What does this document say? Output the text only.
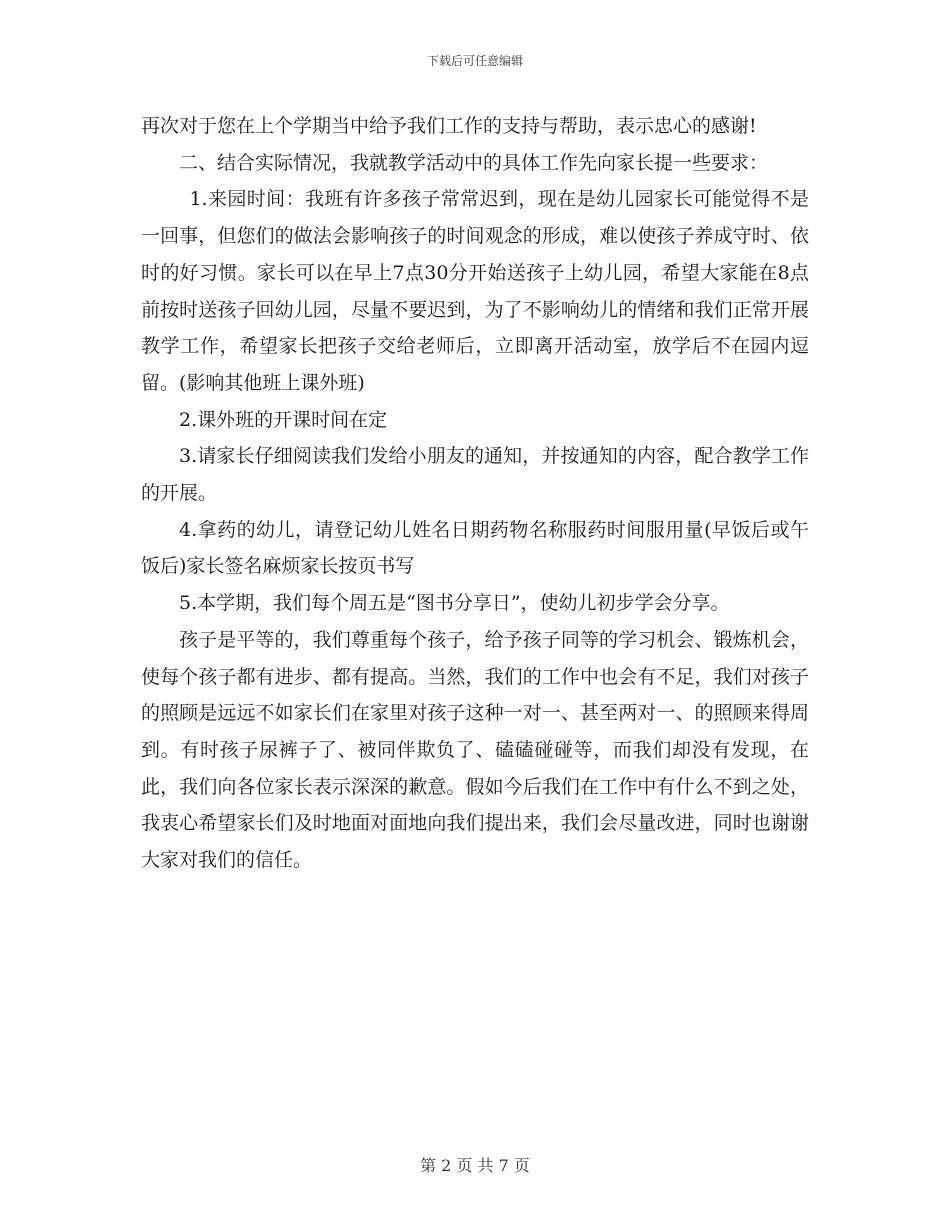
下载后可任意编辑

再次对于您在上个学期当中给予我们工作的支持与帮助，表示忠心的感谢!

二、结合实际情况，我就教学活动中的具体工作先向家长提一些要求：

1.来园时间：我班有许多孩子常常迟到，现在是幼儿园家长可能觉得不是一回事，但您们的做法会影响孩子的时间观念的形成，难以使孩子养成守时、依时的好习惯。家长可以在早上7点30分开始送孩子上幼儿园，希望大家能在8点前按时送孩子回幼儿园，尽量不要迟到，为了不影响幼儿的情绪和我们正常开展教学工作，希望家长把孩子交给老师后，立即离开活动室，放学后不在园内逗留。(影响其他班上课外班)

2.课外班的开课时间在定

3.请家长仔细阅读我们发给小朋友的通知，并按通知的内容，配合教学工作的开展。

4.拿药的幼儿，请登记幼儿姓名日期药物名称服药时间服用量(早饭后或午饭后)家长签名麻烦家长按页书写

5.本学期，我们每个周五是“图书分享日”，使幼儿初步学会分享。

孩子是平等的，我们尊重每个孩子，给予孩子同等的学习机会、锻炼机会，使每个孩子都有进步、都有提高。当然，我们的工作中也会有不足，我们对孩子的照顾是远远不如家长们在家里对孩子这种一对一、甚至两对一、的照顾来得周到。有时孩子尿裤子了、被同伴欺负了、磕磕碰碰等，而我们却没有发现，在此，我们向各位家长表示深深的歉意。假如今后我们在工作中有什么不到之处，我衷心希望家长们及时地面对面地向我们提出来，我们会尽量改进，同时也谢谢大家对我们的信任。

第 2 页 共 7 页
